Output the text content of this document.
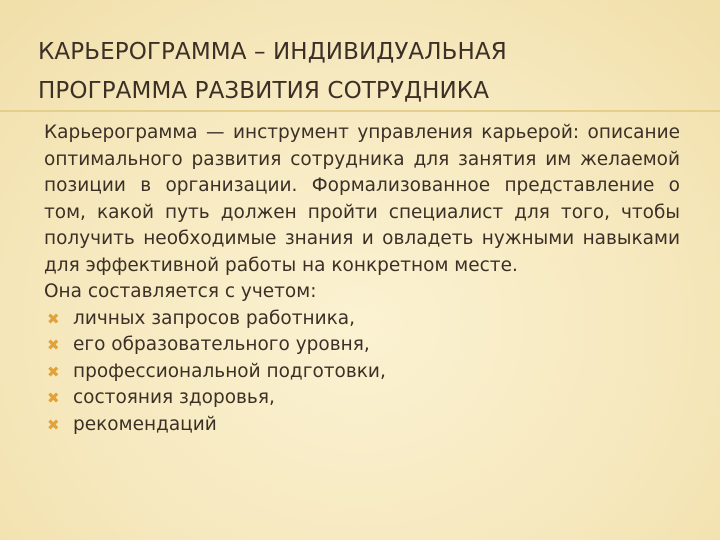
КАРЬЕРОГРАММА – ИНДИВИДУАЛЬНАЯ
ПРОГРАММА РАЗВИТИЯ СОТРУДНИКА

Карьерограмма — инструмент управления карьерой: описание оптимального развития сотрудника для занятия им желаемой позиции в организации. Формализованное представление о том, какой путь должен пройти специалист для того, чтобы получить необходимые знания и овладеть нужными навыками для эффективной работы на конкретном месте.

Она составляется с учетом:

✖ личных запросов работника,
✖ его образовательного уровня,
✖ профессиональной подготовки,
✖ состояния здоровья,
✖ рекомендаций
